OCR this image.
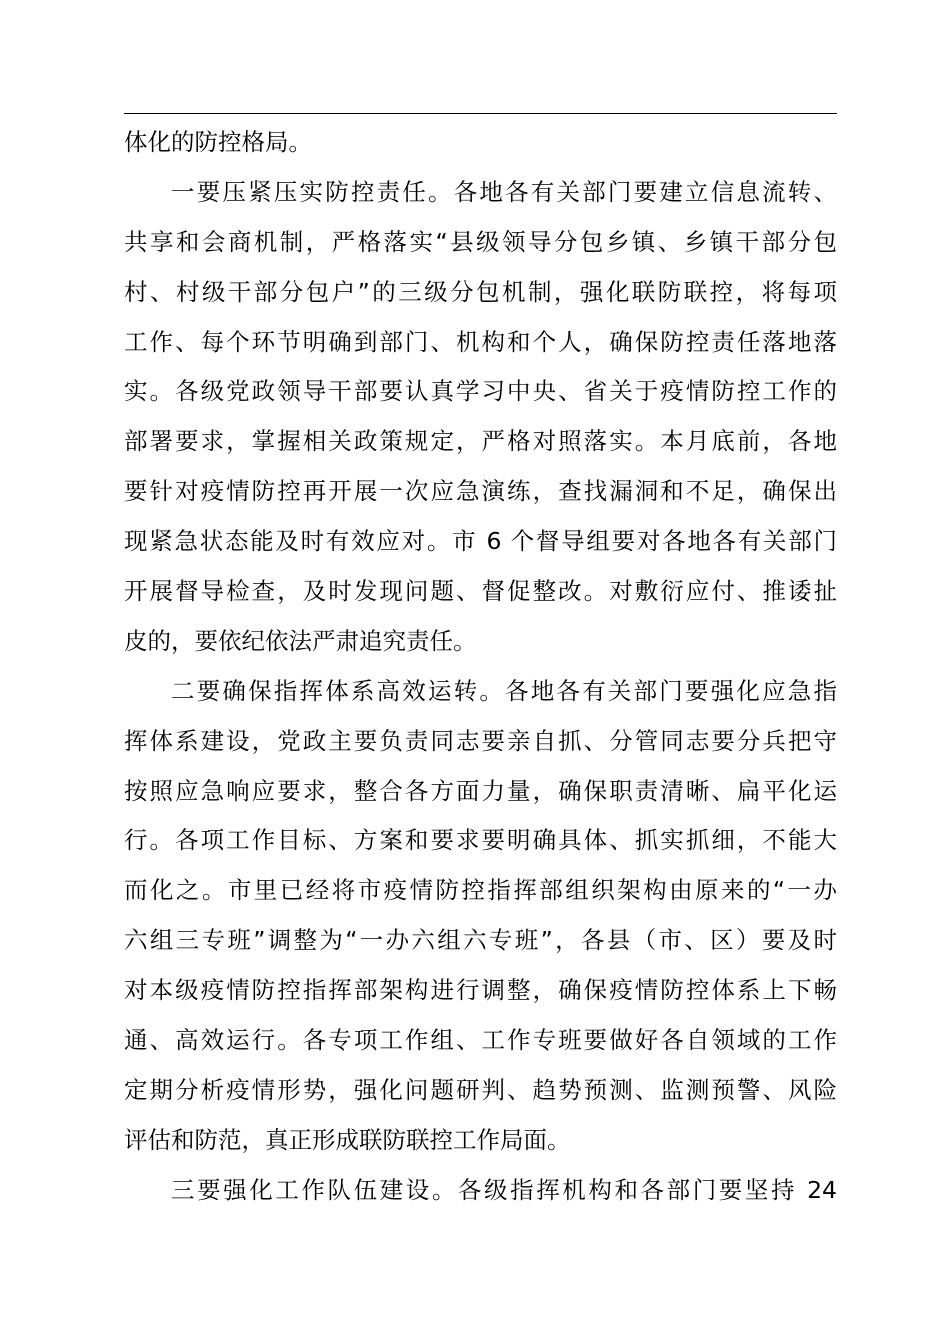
体化的防控格局。
一要压紧压实防控责任。各地各有关部门要建立信息流转、
共享和会商机制，严格落实“县级领导分包乡镇、乡镇干部分包
村、村级干部分包户”的三级分包机制，强化联防联控，将每项
工作、每个环节明确到部门、机构和个人，确保防控责任落地落
实。各级党政领导干部要认真学习中央、省关于疫情防控工作的
部署要求，掌握相关政策规定，严格对照落实。本月底前，各地
要针对疫情防控再开展一次应急演练，查找漏洞和不足，确保出
现紧急状态能及时有效应对。市 6 个督导组要对各地各有关部门
开展督导检查，及时发现问题、督促整改。对敷衍应付、推诿扯
皮的，要依纪依法严肃追究责任。
二要确保指挥体系高效运转。各地各有关部门要强化应急指
挥体系建设，党政主要负责同志要亲自抓、分管同志要分兵把守
按照应急响应要求，整合各方面力量，确保职责清晰、扁平化运
行。各项工作目标、方案和要求要明确具体、抓实抓细，不能大
而化之。市里已经将市疫情防控指挥部组织架构由原来的“一办
六组三专班”调整为“一办六组六专班”，各县（市、区）要及时
对本级疫情防控指挥部架构进行调整，确保疫情防控体系上下畅
通、高效运行。各专项工作组、工作专班要做好各自领域的工作
定期分析疫情形势，强化问题研判、趋势预测、监测预警、风险
评估和防范，真正形成联防联控工作局面。
三要强化工作队伍建设。各级指挥机构和各部门要坚持 24
